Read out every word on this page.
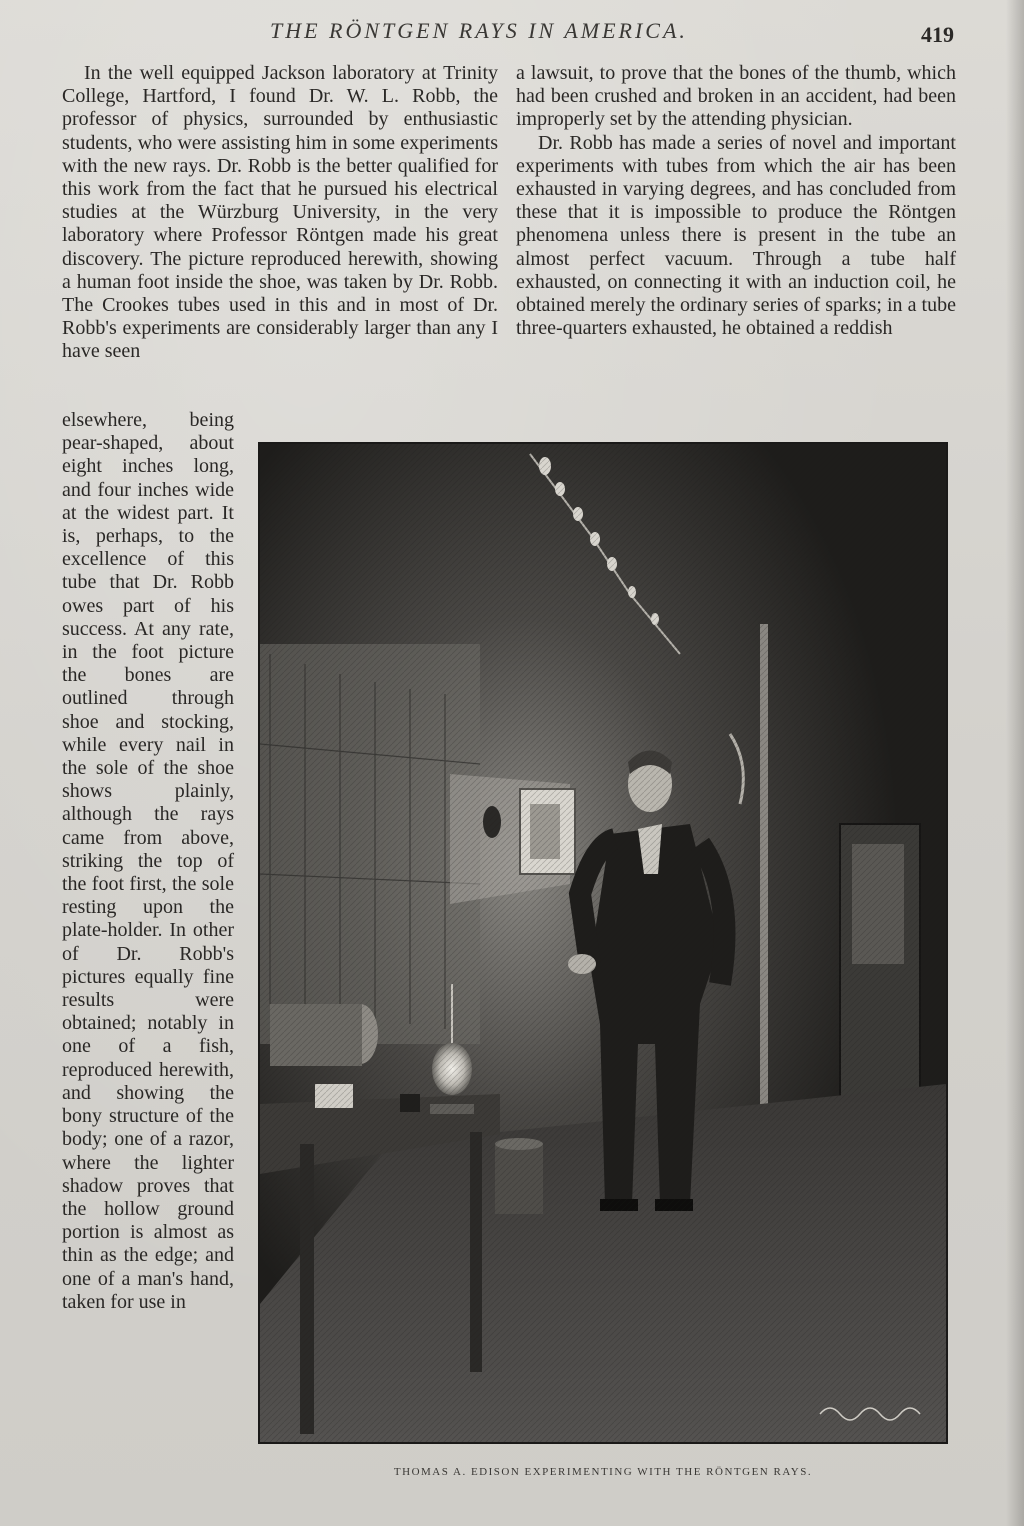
THE RÖNTGEN RAYS IN AMERICA.	419

In the well equipped Jackson laboratory at Trinity College, Hartford, I found Dr. W. L. Robb, the professor of physics, surrounded by enthusiastic students, who were assisting him in some experiments with the new rays. Dr. Robb is the better qualified for this work from the fact that he pursued his electrical studies at the Würzburg University, in the very laboratory where Professor Röntgen made his great discovery. The picture reproduced herewith, showing a human foot inside the shoe, was taken by Dr. Robb. The Crookes tubes used in this and in most of Dr. Robb's experiments are considerably larger than any I have seen

a lawsuit, to prove that the bones of the thumb, which had been crushed and broken in an accident, had been improperly set by the attending physician.

Dr. Robb has made a series of novel and important experiments with tubes from which the air has been exhausted in varying degrees, and has concluded from these that it is impossible to produce the Röntgen phenomena unless there is present in the tube an almost perfect vacuum. Through a tube half exhausted, on connecting it with an induction coil, he obtained merely the ordinary series of sparks; in a tube three-quarters exhausted, he obtained a reddish

elsewhere, being pear-shaped, about eight inches long, and four inches wide at the widest part. It is, perhaps, to the excellence of this tube that Dr. Robb owes part of his success. At any rate, in the foot picture the bones are outlined through shoe and stocking, while every nail in the sole of the shoe shows plainly, although the rays came from above, striking the top of the foot first, the sole resting upon the plate-holder. In other of Dr. Robb's pictures equally fine results were obtained; notably in one of a fish, reproduced herewith, and showing the bony structure of the body; one of a razor, where the lighter shadow proves that the hollow ground portion is almost as thin as the edge; and one of a man's hand, taken for use in

THOMAS A. EDISON EXPERIMENTING WITH THE RÖNTGEN RAYS.
